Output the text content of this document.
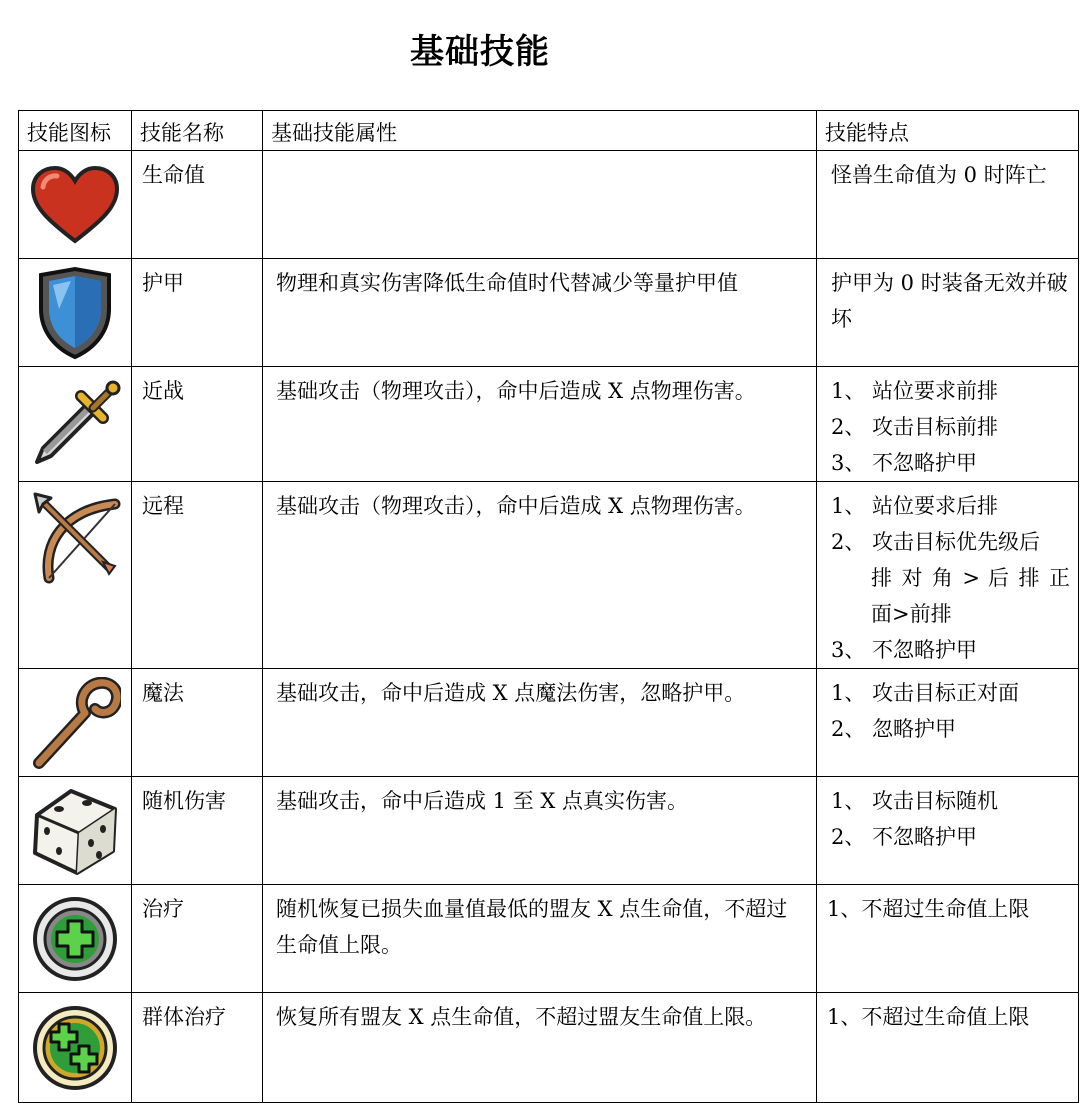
基础技能
技能图标	技能名称	基础技能属性	技能特点

	生命值		怪兽生命值为 0 时阵亡

	护甲	物理和真实伤害降低生命值时代替减少等量护甲值	护甲为 0 时装备无效并破坏

	近战	基础攻击（物理攻击），命中后造成 X 点物理伤害。	1、 站位要求前排
2、 攻击目标前排
3、 不忽略护甲

	远程	基础攻击（物理攻击），命中后造成 X 点物理伤害。	1、 站位要求后排
2、 攻击目标优先级后
排 对 角 > 后 排 正
面>前排
3、 不忽略护甲

	魔法	基础攻击，命中后造成 X 点魔法伤害，忽略护甲。	1、 攻击目标正对面
2、 忽略护甲

	随机伤害	基础攻击，命中后造成 1 至 X 点真实伤害。	1、 攻击目标随机
2、 不忽略护甲

	治疗	随机恢复已损失血量值最低的盟友 X 点生命值，不超过生命值上限。	1、不超过生命值上限

	群体治疗	恢复所有盟友 X 点生命值，不超过盟友生命值上限。	1、不超过生命值上限
